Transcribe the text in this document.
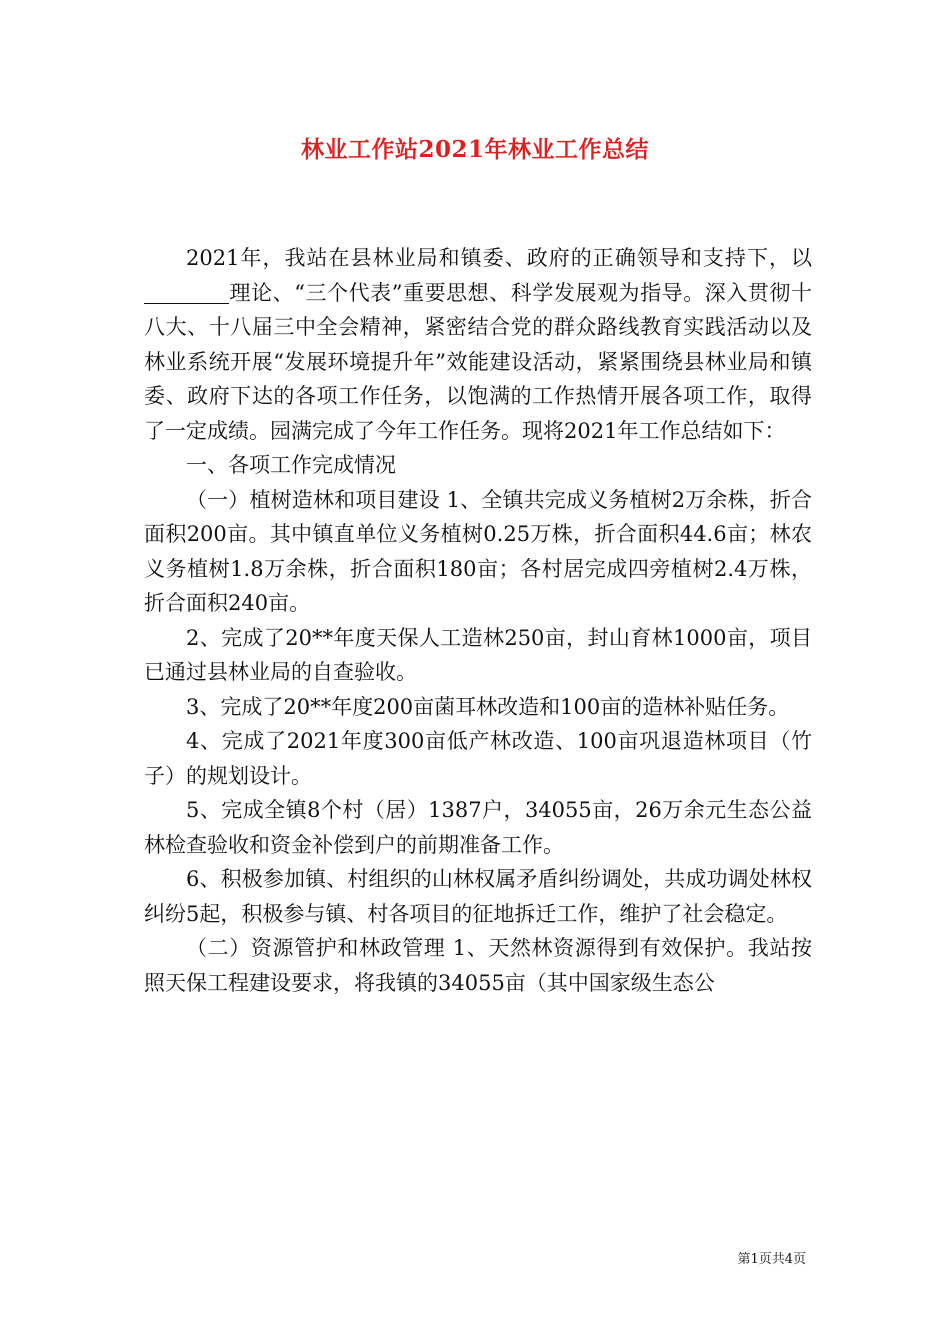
林业工作站2021年林业工作总结

2021年，我站在县林业局和镇委、政府的正确领导和支持下，以理论、“三个代表”重要思想、科学发展观为指导。深入贯彻十八大、十八届三中全会精神，紧密结合党的群众路线教育实践活动以及林业系统开展“发展环境提升年”效能建设活动，紧紧围绕县林业局和镇委、政府下达的各项工作任务，以饱满的工作热情开展各项工作，取得了一定成绩。园满完成了今年工作任务。现将2021年工作总结如下：

一、各项工作完成情况

（一）植树造林和项目建设 1、全镇共完成义务植树2万余株，折合面积200亩。其中镇直单位义务植树0.25万株，折合面积44.6亩；林农义务植树1.8万余株，折合面积180亩；各村居完成四旁植树2.4万株，折合面积240亩。

2、完成了20**年度天保人工造林250亩，封山育林1000亩，项目已通过县林业局的自查验收。

3、完成了20**年度200亩菌耳林改造和100亩的造林补贴任务。

4、完成了2021年度300亩低产林改造、100亩巩退造林项目（竹子）的规划设计。

5、完成全镇8个村（居）1387户，34055亩，26万余元生态公益林检查验收和资金补偿到户的前期准备工作。

6、积极参加镇、村组织的山林权属矛盾纠纷调处，共成功调处林权纠纷5起，积极参与镇、村各项目的征地拆迁工作，维护了社会稳定。

（二）资源管护和林政管理 1、天然林资源得到有效保护。我站按照天保工程建设要求，将我镇的34055亩（其中国家级生态公

第1页共4页
